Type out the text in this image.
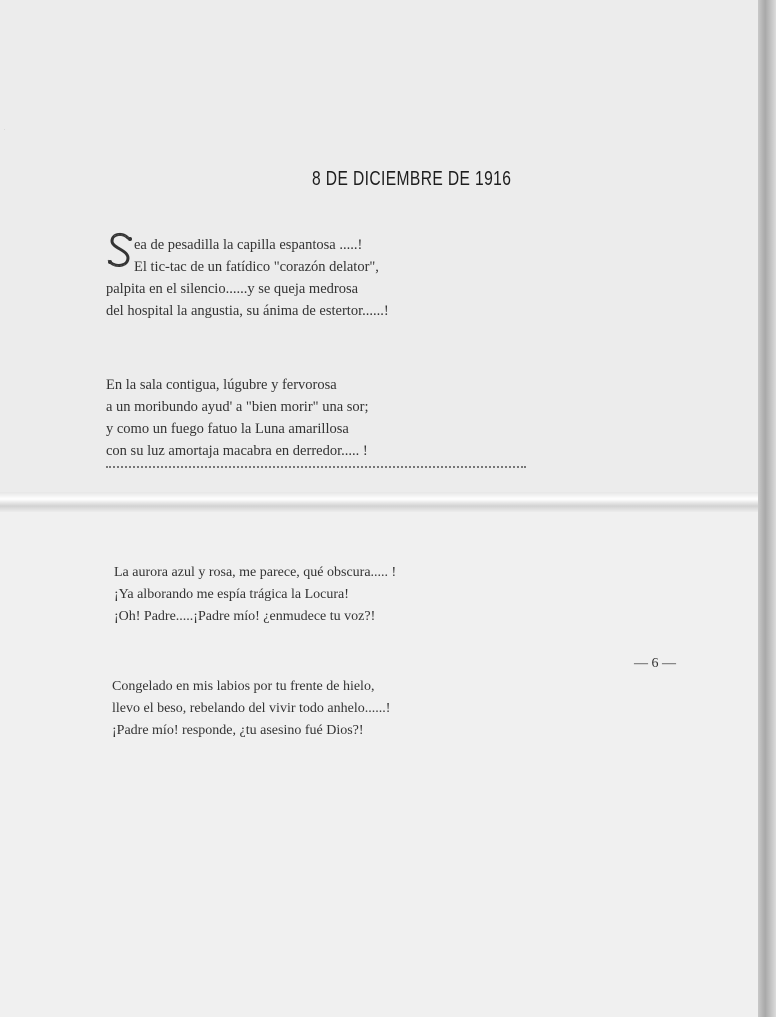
8 DE DICIEMBRE DE 1916
S
ea de pesadilla la capilla espantosa .....!
El tic-tac de un fatídico "corazón delator",
palpita en el silencio......y se queja medrosa
del hospital la angustia, su ánima de estertor......!
En la sala contigua, lúgubre y fervorosa
a un moribundo ayud' a "bien morir" una sor;
y como un fuego fatuo la Luna amarillosa
con su luz amortaja macabra en derredor..... !
La aurora azul y rosa, me parece, qué obscura..... !
¡Ya alborando me espía trágica la Locura!
¡Oh! Padre.....¡Padre mío! ¿enmudece tu voz?!
— 6 —
Congelado en mis labios por tu frente de hielo,
llevo el beso, rebelando del vivir todo anhelo......!
¡Padre mío! responde, ¿tu asesino fué Dios?!
